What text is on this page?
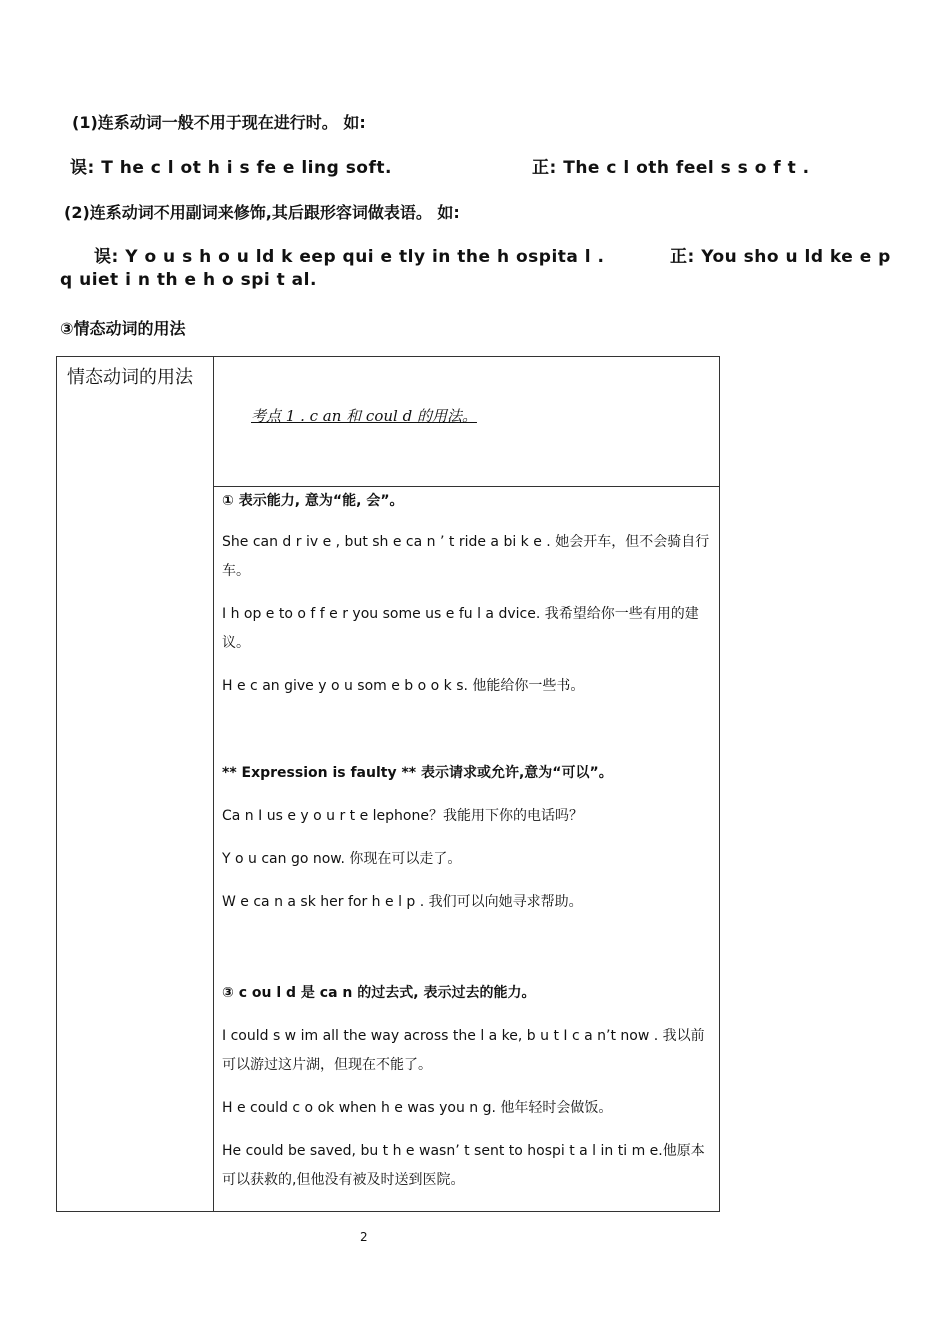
(1)连系动词一般不用于现在进行时。 如:
误: T he c l ot h i s fe e ling soft.	正: The c l oth feel s s o f t .
(2)连系动词不用副词来修饰,其后跟形容词做表语。 如:
误: Y o u s h o u ld k eep qui e tly in the h ospita l .	正: You sho u ld ke e p
q uiet i n th e h o spi t al.
③情态动词的用法
情态动词的用法
考点 1 . c an 和 coul d 的用法。
① 表示能力, 意为“能, 会”。
She can d r iv e , but sh e ca n ’ t ride a bi k e . 她会开车，但不会骑自行车。
I h op e to o f f e r you some us e fu l a dvice. 我希望给你一些有用的建议。
H e c an give y o u som e b o o k s. 他能给你一些书。
** Expression is faulty ** 表示请求或允许,意为“可以”。
Ca n I us e y o u r t e lephone？我能用下你的电话吗？
Y o u can go now. 你现在可以走了。
W e ca n a sk her for h e l p . 我们可以向她寻求帮助。
③ c ou l d 是 ca n 的过去式, 表示过去的能力。
I could s w im all the way across the l a ke, b u t I c a n’t now . 我以前可以游过这片湖，但现在不能了。
H e could c o ok when h e was you n g. 他年轻时会做饭。
He could be saved, bu t h e wasn’ t sent to hospi t a l in ti m e.他原本可以获救的,但他没有被及时送到医院。
2
